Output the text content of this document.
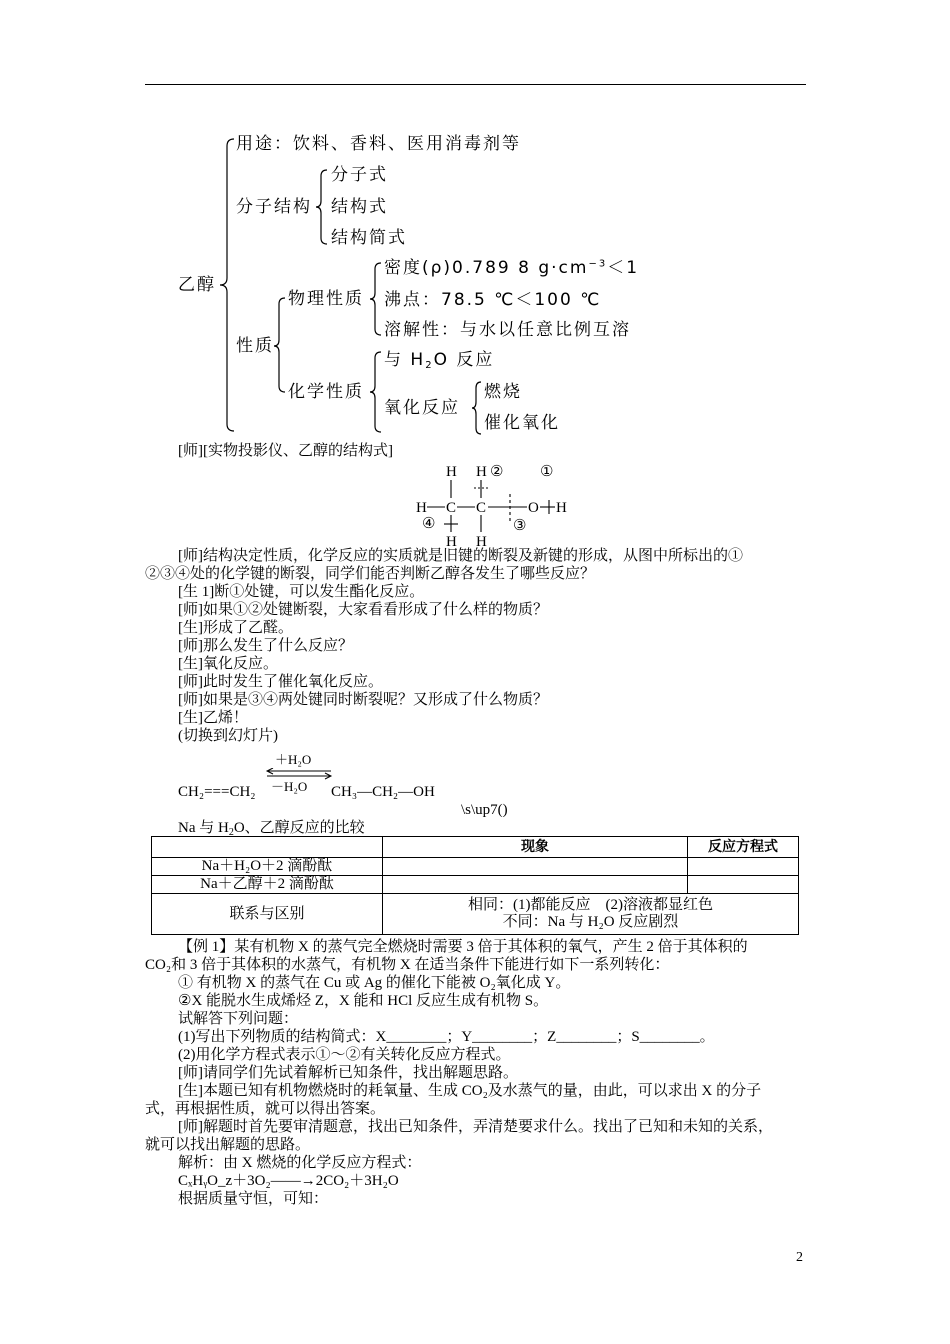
乙醇
用途：饮料、香料、医用消毒剂等
分子结构
分子式
结构式
结构简式
性质
物理性质
密度(ρ)0.789 8 $g\cdot cm^{-3}<1$
沸点：78.5 ℃＜100 ℃
溶解性：与水以任意比例互溶
化学性质
与 $H_2O$ 反应
氧化反应
燃烧
催化氧化
[师][实物投影仪、乙醇的结构式]
H H ② ①
H C C	O H
④	③
H H
[师]结构决定性质，化学反应的实质就是旧键的断裂及新键的形成，从图中所标出的①
②③④处的化学键的断裂，同学们能否判断乙醇各发生了哪些反应？
[生 1]断①处键，可以发生酯化反应。
[师]如果①②处键断裂，大家看看形成了什么样的物质？
[生]形成了乙醛。
[师]那么发生了什么反应？
[生]氧化反应。
[师]此时发生了催化氧化反应。
[师]如果是③④两处键同时断裂呢？又形成了什么物质？
[生]乙烯！
(切换到幻灯片)
＋H₂O
CH₂===CH₂ －H₂O CH₃—CH₂—OH
\s\up7()
Na 与 $H_2O$、乙醇反应的比较
	现象	反应方程式
Na＋H₂O＋2 滴酚酞		
Na＋乙醇＋2 滴酚酞		
联系与区别	相同：(1)都能反应　(2)溶液都显红色
不同：Na 与 H₂O 反应剧烈	
【例 1】某有机物 X 的蒸气完全燃烧时需要 3 倍于其体积的氧气，产生 2 倍于其体积的
CO₂和 3 倍于其体积的水蒸气，有机物 X 在适当条件下能进行如下一系列转化：
① 有机物 X 的蒸气在 Cu 或 Ag 的催化下能被 O₂氧化成 Y。
②X 能脱水生成烯烃 Z，X 能和 HCl 反应生成有机物 S。
试解答下列问题：
(1)写出下列物质的结构简式：X________；Y________；Z________；S________。
(2)用化学方程式表示①～②有关转化反应方程式。
[师]请同学们先试着解析已知条件，找出解题思路。
[生]本题已知有机物燃烧时的耗氧量、生成 CO₂及水蒸气的量，由此，可以求出 X 的分子
式，再根据性质，就可以得出答案。
[师]解题时首先要审清题意，找出已知条件，弄清楚要求什么。找出了已知和未知的关系，
就可以找出解题的思路。
解析：由 X 燃烧的化学反应方程式：
CₓHᵧO_z＋3O₂——→2CO₂＋3H₂O
根据质量守恒，可知：
2
